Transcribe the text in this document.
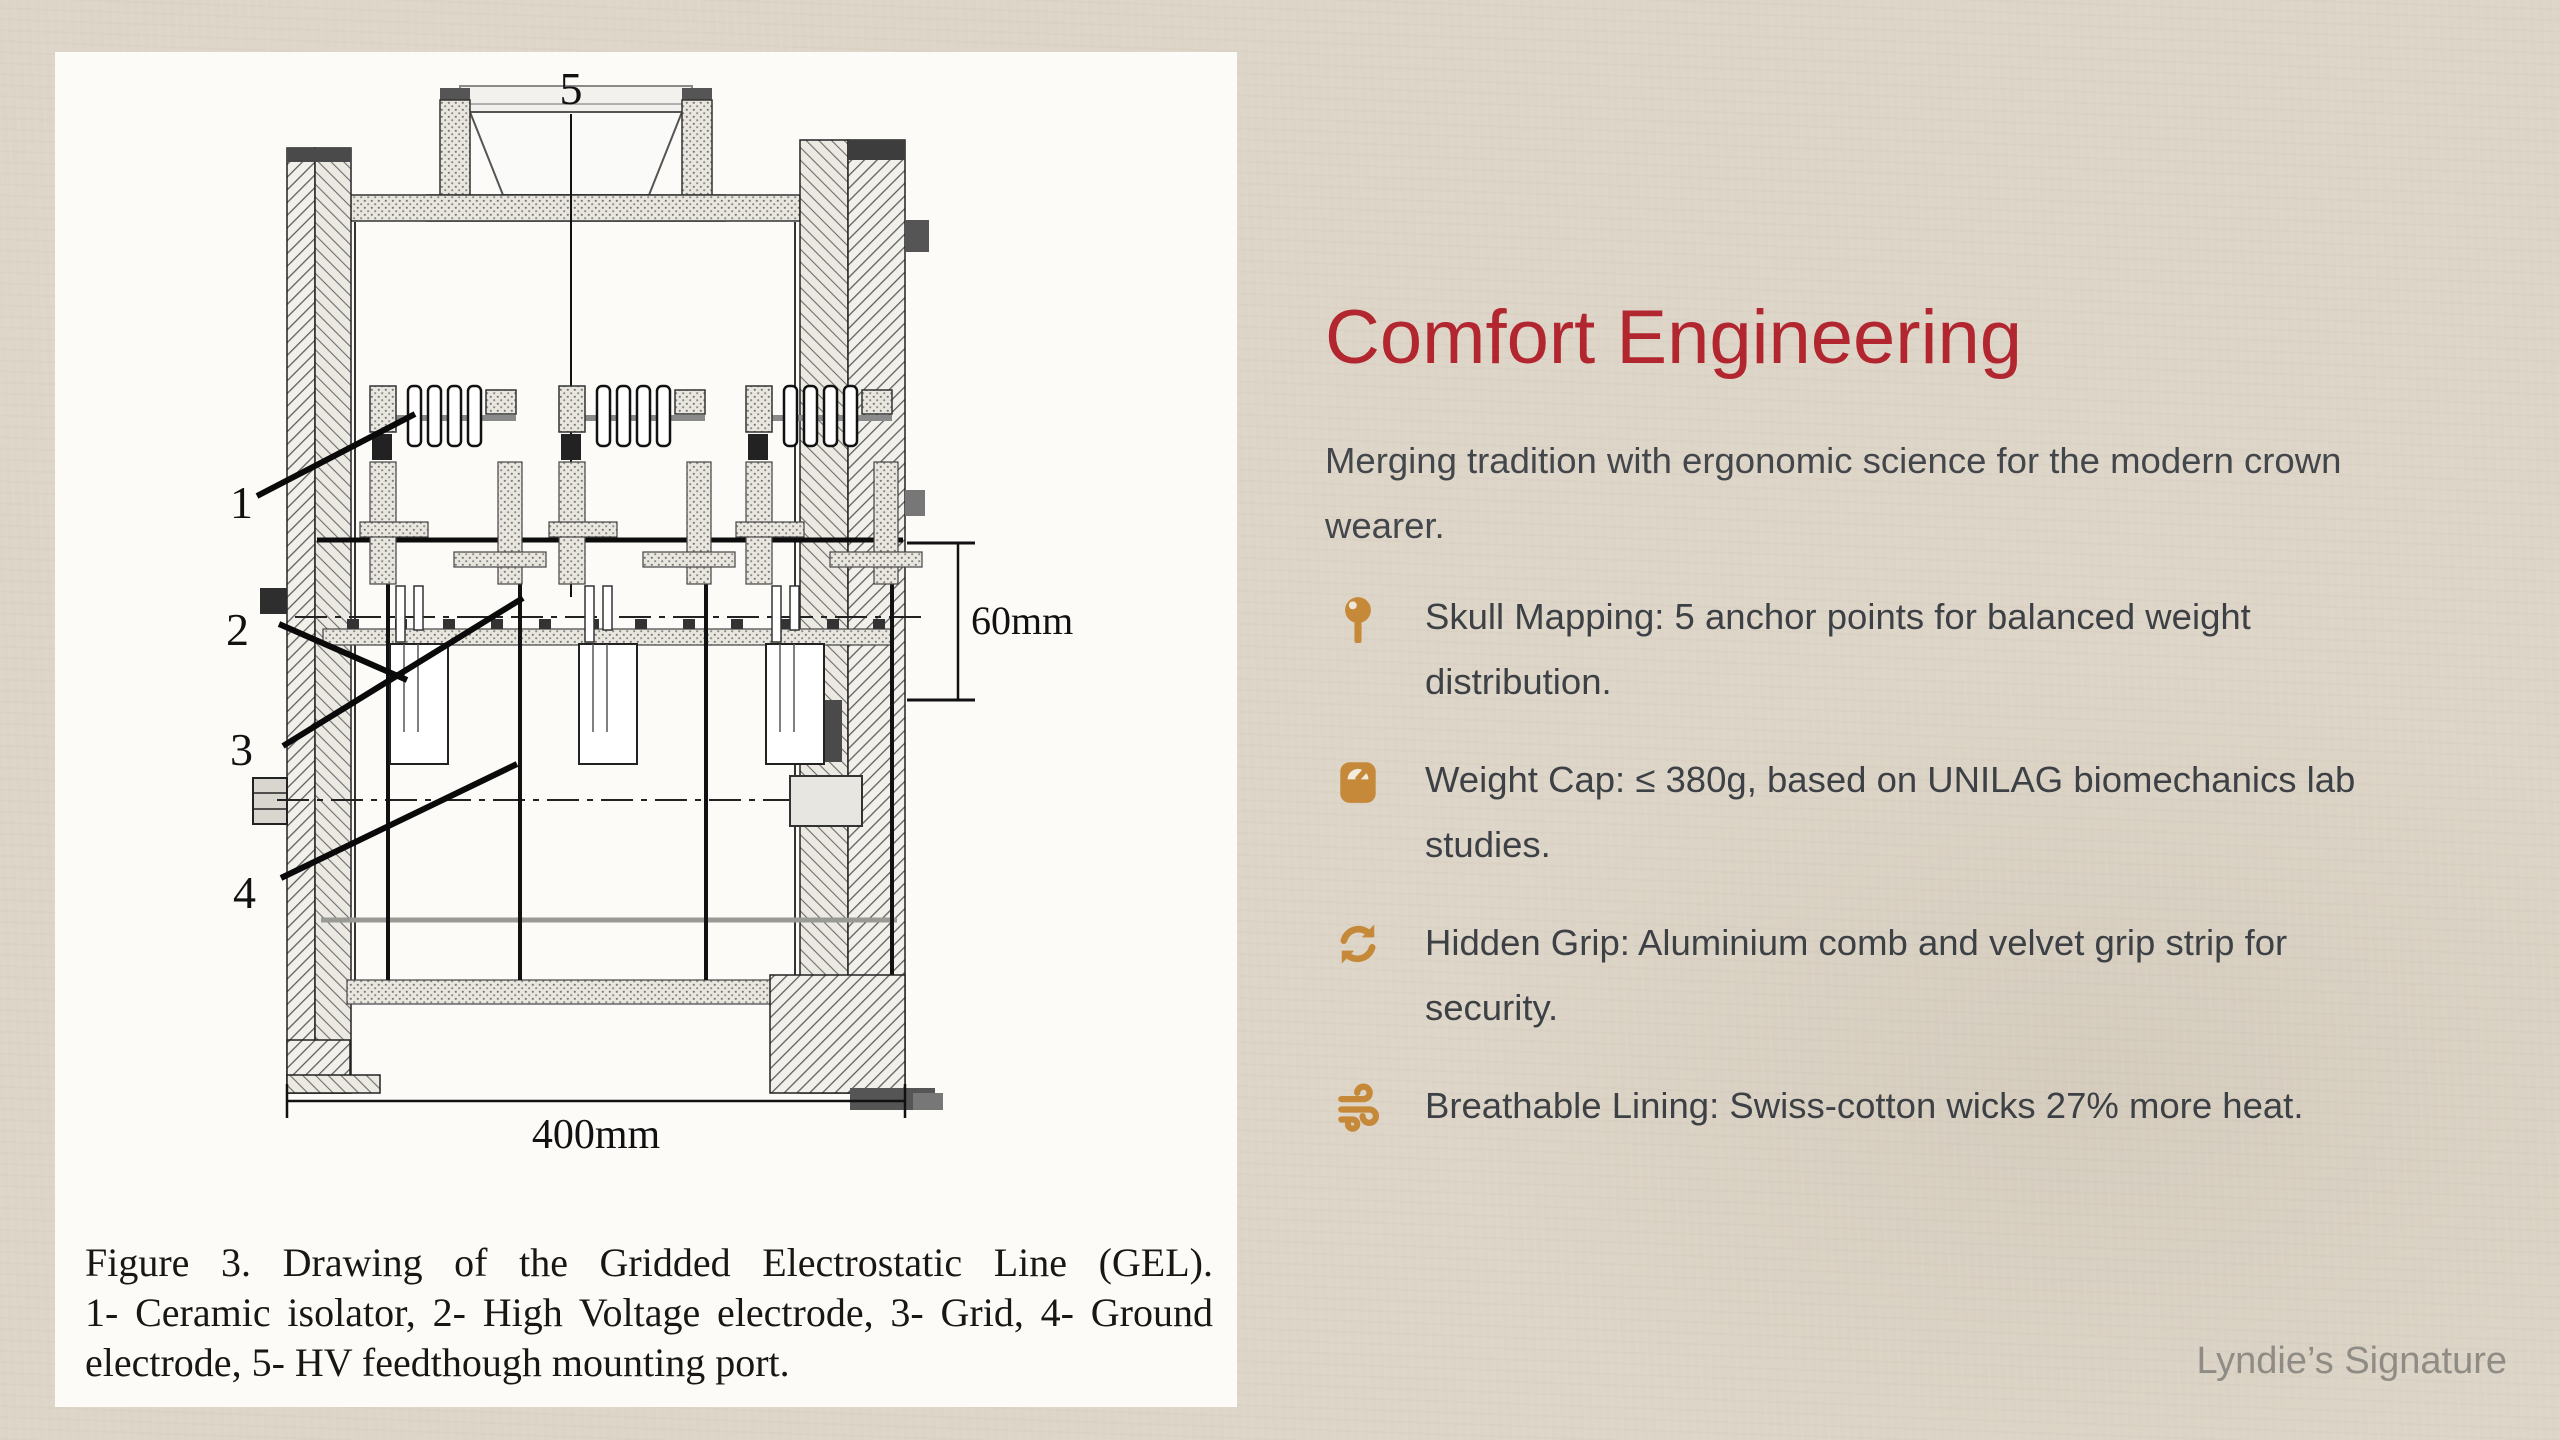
5
60mm
400mm
1
2
3
4
Figure 3. Drawing of the Gridded Electrostatic Line (GEL).
1- Ceramic isolator, 2- High Voltage electrode, 3- Grid, 4- Ground
electrode, 5- HV feedthough mounting port.
Comfort Engineering
Merging tradition with ergonomic science for the modern crown wearer.
Skull Mapping: 5 anchor points for balanced weight distribution.
Weight Cap: ≤ 380g, based on UNILAG biomechanics lab studies.
Hidden Grip: Aluminium comb and velvet grip strip for security.
Breathable Lining: Swiss-cotton wicks 27% more heat.
Lyndie’s Signature
